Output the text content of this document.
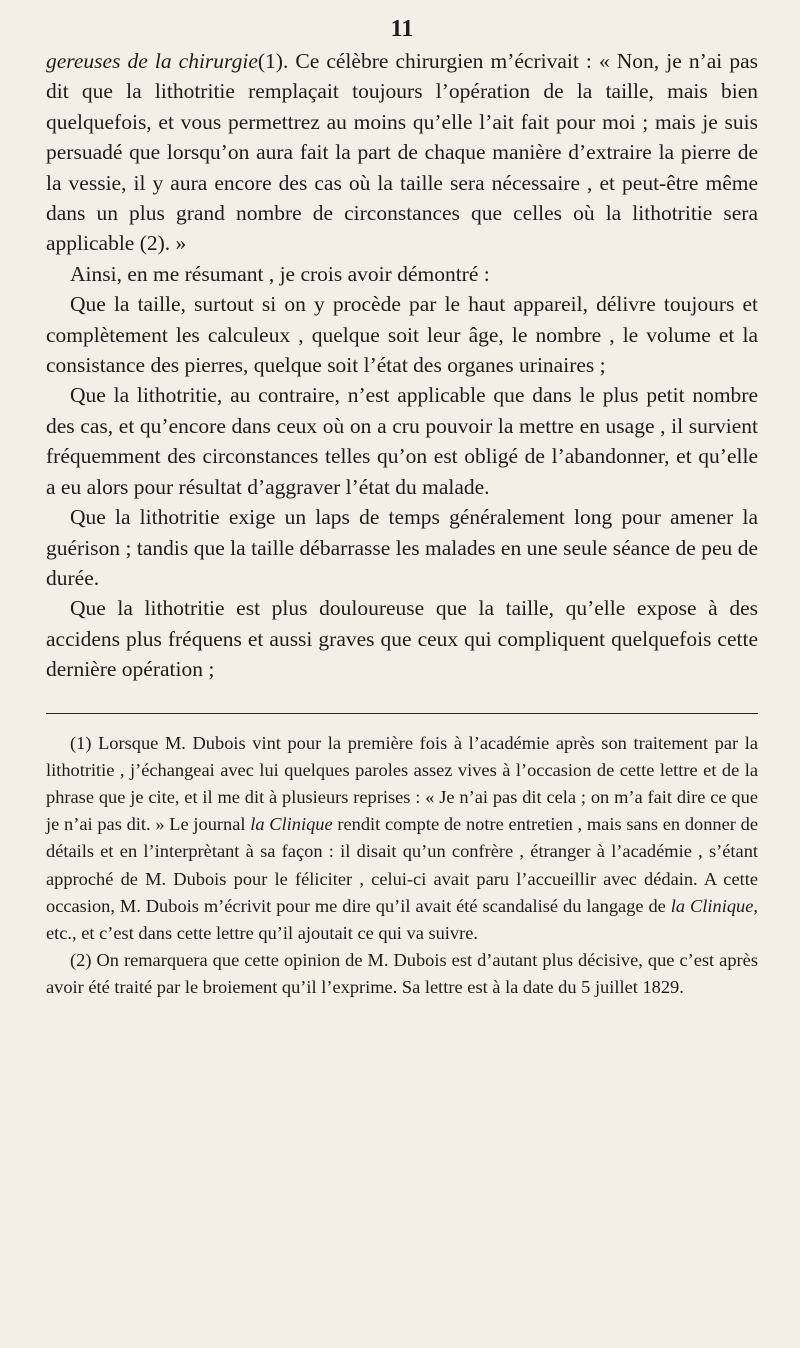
11

gereuses de la chirurgie(1). Ce célèbre chirurgien m’écrivait : « Non, je n’ai pas dit que la lithotritie remplaçait toujours l’opération de la taille, mais bien quelquefois, et vous permettrez au moins qu’elle l’ait fait pour moi ; mais je suis persuadé que lorsqu’on aura fait la part de chaque manière d’extraire la pierre de la vessie, il y aura encore des cas où la taille sera nécessaire , et peut-être même dans un plus grand nombre de circonstances que celles où la lithotritie sera applicable (2). »

Ainsi, en me résumant , je crois avoir démontré :

Que la taille, surtout si on y procède par le haut appareil, délivre toujours et complètement les calculeux , quelque soit leur âge, le nombre , le volume et la consistance des pierres, quelque soit l’état des organes urinaires ;

Que la lithotritie, au contraire, n’est applicable que dans le plus petit nombre des cas, et qu’encore dans ceux où on a cru pouvoir la mettre en usage , il survient fréquemment des circonstances telles qu’on est obligé de l’abandonner, et qu’elle a eu alors pour résultat d’aggraver l’état du malade.

Que la lithotritie exige un laps de temps généralement long pour amener la guérison ; tandis que la taille débarrasse les malades en une seule séance de peu de durée.

Que la lithotritie est plus douloureuse que la taille, qu’elle expose à des accidens plus fréquens et aussi graves que ceux qui compliquent quelquefois cette dernière opération ;

(1) Lorsque M. Dubois vint pour la première fois à l’académie après son traitement par la lithotritie , j’échangeai avec lui quelques paroles assez vives à l’occasion de cette lettre et de la phrase que je cite, et il me dit à plusieurs reprises : « Je n’ai pas dit cela ; on m’a fait dire ce que je n’ai pas dit. » Le journal la Clinique rendit compte de notre entretien , mais sans en donner de détails et en l’interprètant à sa façon : il disait qu’un confrère , étranger à l’académie , s’étant approché de M. Dubois pour le féliciter , celui-ci avait paru l’accueillir avec dédain. A cette occasion, M. Dubois m’écrivit pour me dire qu’il avait été scandalisé du langage de la Clinique, etc., et c’est dans cette lettre qu’il ajoutait ce qui va suivre.

(2) On remarquera que cette opinion de M. Dubois est d’autant plus décisive, que c’est après avoir été traité par le broiement qu’il l’exprime. Sa lettre est à la date du 5 juillet 1829.
